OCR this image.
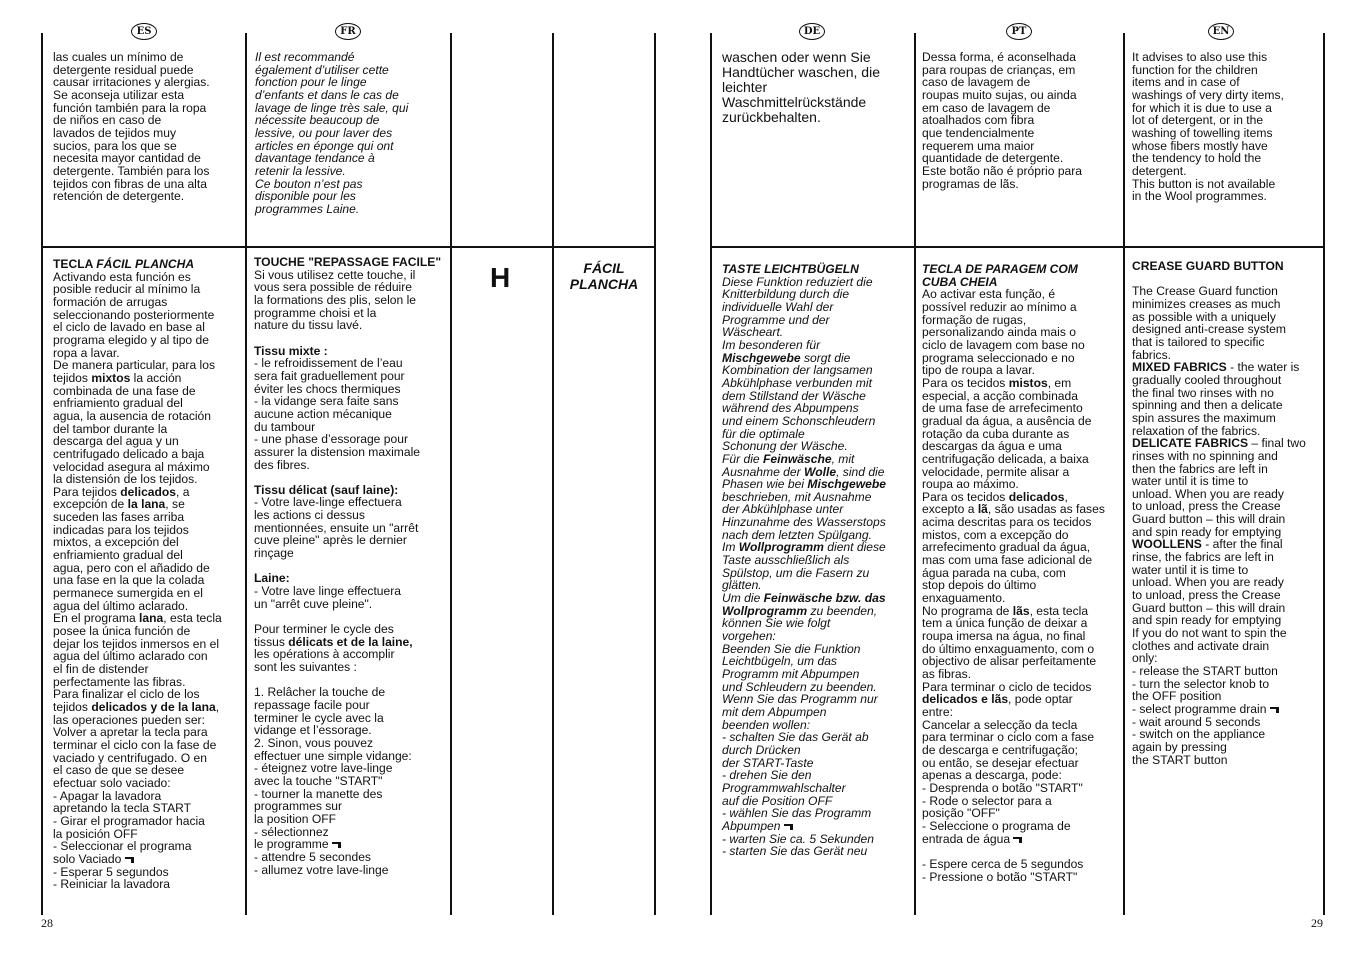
ES	FR	DE	PT	EN
las cuales un mínimo de
detergente residual puede
causar irritaciones y alergias.
Se aconseja utilizar esta
función también para la ropa
de niños en caso de
lavados de tejidos muy
sucios, para los que se
necesita mayor cantidad de
detergente. También para los
tejidos con fibras de una alta
retención de detergente.
Il est recommandé
également d’utiliser cette
fonction pour le linge
d’enfants et dans le cas de
lavage de linge très sale, qui
nécessite beaucoup de
lessive, ou pour laver des
articles en éponge qui ont
davantage tendance à
retenir la lessive.
Ce bouton n’est pas
disponible pour les
programmes Laine.
waschen oder wenn Sie
Handtücher waschen, die
leichter
Waschmittelrückstände
zurückbehalten.
Dessa forma, é aconselhada
para roupas de crianças, em
caso de lavagem de
roupas muito sujas, ou ainda
em caso de lavagem de
atoalhados com fibra
que tendencialmente
requerem uma maior
quantidade de detergente.
Este botão não é próprio para
programas de lãs.
It advises to also use this
function for the children
items and in case of
washings of very dirty items,
for which it is due to use a
lot of detergent, or in the
washing of towelling items
whose fibers mostly have
the tendency to hold the
detergent.
This button is not available
in the Wool programmes.
H	FÁCIL
PLANCHA
TECLA FÁCIL PLANCHA
Activando esta función es
posible reducir al mínimo la
formación de arrugas
seleccionando posteriormente
el ciclo de lavado en base al
programa elegido y al tipo de
ropa a lavar.
De manera particular, para los
tejidos mixtos la acción
combinada de una fase de
enfriamiento gradual del
agua, la ausencia de rotación
del tambor durante la
descarga del agua y un
centrifugado delicado a baja
velocidad asegura al máximo
la distensión de los tejidos.
Para tejidos delicados, a
excepción de la lana, se
suceden las fases arriba
indicadas para los tejidos
mixtos, a excepción del
enfriamiento gradual del
agua, pero con el añadido de
una fase en la que la colada
permanece sumergida en el
agua del último aclarado.
En el programa lana, esta tecla
posee la única función de
dejar los tejidos inmersos en el
agua del último aclarado con
el fin de distender
perfectamente las fibras.
Para finalizar el ciclo de los
tejidos delicados y de la lana,
las operaciones pueden ser:
Volver a apretar la tecla para
terminar el ciclo con la fase de
vaciado y centrifugado. O en
el caso de que se desee
efectuar solo vaciado:
- Apagar la lavadora
apretando la tecla START
- Girar el programador hacia
la posición OFF
- Seleccionar el programa
solo Vaciado
- Esperar 5 segundos
- Reiniciar la lavadora
TOUCHE "REPASSAGE FACILE"
Si vous utilisez cette touche, il
vous sera possible de réduire
la formations des plis, selon le
programme choisi et la
nature du tissu lavé.

Tissu mixte :
- le refroidissement de l’eau
sera fait graduellement pour
éviter les chocs thermiques
- la vidange sera faite sans
aucune action mécanique
du tambour
- une phase d’essorage pour
assurer la distension maximale
des fibres.

Tissu délicat (sauf laine):
- Votre lave-linge effectuera
les actions ci dessus
mentionnées, ensuite un "arrêt
cuve pleine" après le dernier
rinçage

Laine:
- Votre lave linge effectuera
un "arrêt cuve pleine".

Pour terminer le cycle des
tissus délicats et de la laine,
les opérations à accomplir
sont les suivantes :

1. Relâcher la touche de
repassage facile pour
terminer le cycle avec la
vidange et l’essorage.
2. Sinon, vous pouvez
effectuer une simple vidange:
- éteignez votre lave-linge
avec la touche "START"
- tourner la manette des
programmes sur
la position OFF
- sélectionnez
le programme
- attendre 5 secondes
- allumez votre lave-linge
TASTE LEICHTBÜGELN
Diese Funktion reduziert die
Knitterbildung durch die
individuelle Wahl der
Programme und der
Wäscheart.
Im besonderen für
Mischgewebe sorgt die
Kombination der langsamen
Abkühlphase verbunden mit
dem Stillstand der Wäsche
während des Abpumpens
und einem Schonschleudern
für die optimale
Schonung der Wäsche.
Für die Feinwäsche, mit
Ausnahme der Wolle, sind die
Phasen wie bei Mischgewebe
beschrieben, mit Ausnahme
der Abkühlphase unter
Hinzunahme des Wasserstops
nach dem letzten Spülgang.
Im Wollprogramm dient diese
Taste ausschließlich als
Spülstop, um die Fasern zu
glätten.
Um die Feinwäsche bzw. das
Wollprogramm zu beenden,
können Sie wie folgt
vorgehen:
Beenden Sie die Funktion
Leichtbügeln, um das
Programm mit Abpumpen
und Schleudern zu beenden.
Wenn Sie das Programm nur
mit dem Abpumpen
beenden wollen:
- schalten Sie das Gerät ab
durch Drücken
der START-Taste
- drehen Sie den
Programmwahlschalter
auf die Position OFF
- wählen Sie das Programm
Abpumpen
- warten Sie ca. 5 Sekunden
- starten Sie das Gerät neu
TECLA DE PARAGEM COM
CUBA CHEIA
Ao activar esta função, é
possível reduzir ao mínimo a
formação de rugas,
personalizando ainda mais o
ciclo de lavagem com base no
programa seleccionado e no
tipo de roupa a lavar.
Para os tecidos mistos, em
especial, a acção combinada
de uma fase de arrefecimento
gradual da água, a ausência de
rotação da cuba durante as
descargas da água e uma
centrifugação delicada, a baixa
velocidade, permite alisar a
roupa ao máximo.
Para os tecidos delicados,
excepto a lã, são usadas as fases
acima descritas para os tecidos
mistos, com a excepção do
arrefecimento gradual da água,
mas com uma fase adicional de
água parada na cuba, com
stop depois do último
enxaguamento.
No programa de lãs, esta tecla
tem a única função de deixar a
roupa imersa na água, no final
do último enxaguamento, com o
objectivo de alisar perfeitamente
as fibras.
Para terminar o ciclo de tecidos
delicados e lãs, pode optar
entre:
Cancelar a selecção da tecla
para terminar o ciclo com a fase
de descarga e centrifugação;
ou então, se desejar efectuar
apenas a descarga, pode:
- Desprenda o botão "START"
- Rode o selector para a
posição "OFF"
- Seleccione o programa de
entrada de água

- Espere cerca de 5 segundos
- Pressione o botão "START"
CREASE GUARD BUTTON

The Crease Guard function
minimizes creases as much
as possible with a uniquely
designed anti-crease system
that is tailored to specific
fabrics.
MIXED FABRICS - the water is
gradually cooled throughout
the final two rinses with no
spinning and then a delicate
spin assures the maximum
relaxation of the fabrics.
DELICATE FABRICS – final two
rinses with no spinning and
then the fabrics are left in
water until it is time to
unload. When you are ready
to unload, press the Crease
Guard button – this will drain
and spin ready for emptying
WOOLLENS - after the final
rinse, the fabrics are left in
water until it is time to
unload. When you are ready
to unload, press the Crease
Guard button – this will drain
and spin ready for emptying
If you do not want to spin the
clothes and activate drain
only:
- release the START button
- turn the selector knob to
the OFF position
- select programme drain
- wait around 5 seconds
- switch on the appliance
again by pressing
the START button
28	29
